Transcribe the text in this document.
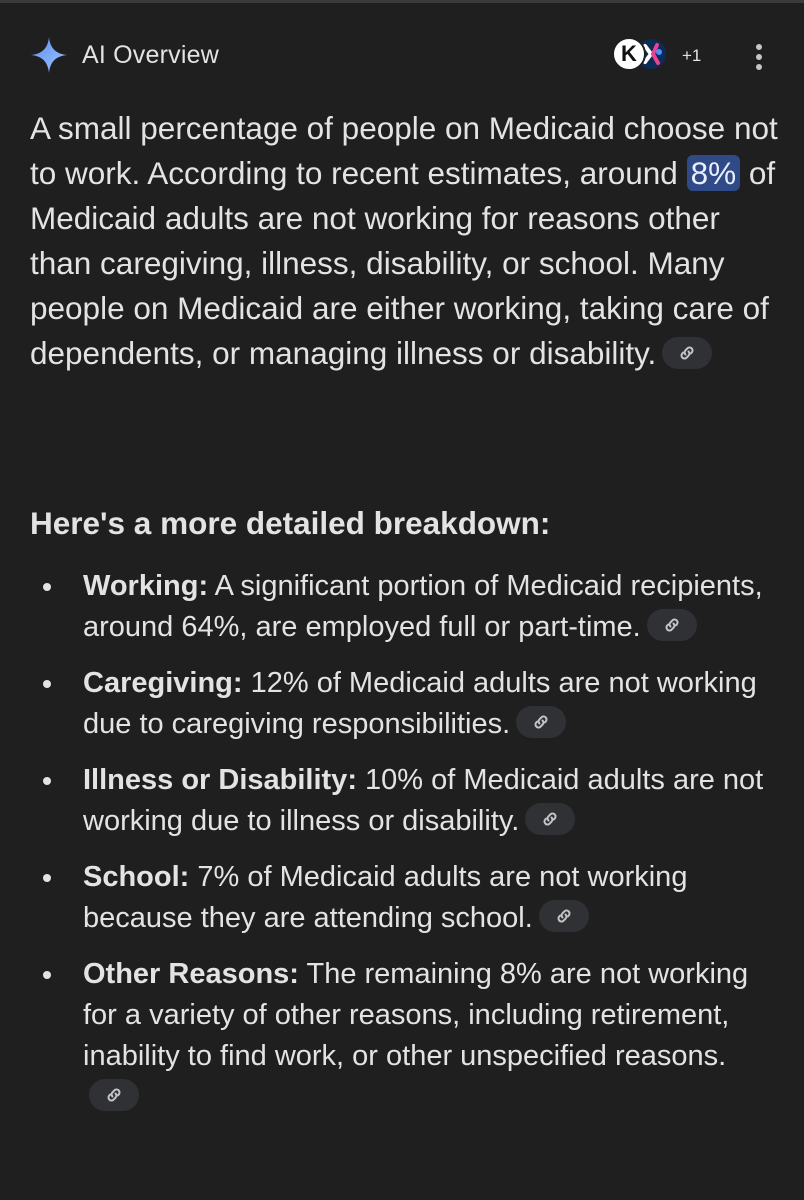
AI Overview	K	+1
A small percentage of people on Medicaid choose not to work. According to recent estimates, around 8% of Medicaid adults are not working for reasons other than caregiving, illness, disability, or school. Many people on Medicaid are either working, taking care of dependents, or managing illness or disability.
Here's a more detailed breakdown:
Working: A significant portion of Medicaid recipients, around 64%, are employed full or part-time.
Caregiving: 12% of Medicaid adults are not working due to caregiving responsibilities.
Illness or Disability: 10% of Medicaid adults are not working due to illness or disability.
School: 7% of Medicaid adults are not working because they are attending school.
Other Reasons: The remaining 8% are not working for a variety of other reasons, including retirement, inability to find work, or other unspecified reasons.
